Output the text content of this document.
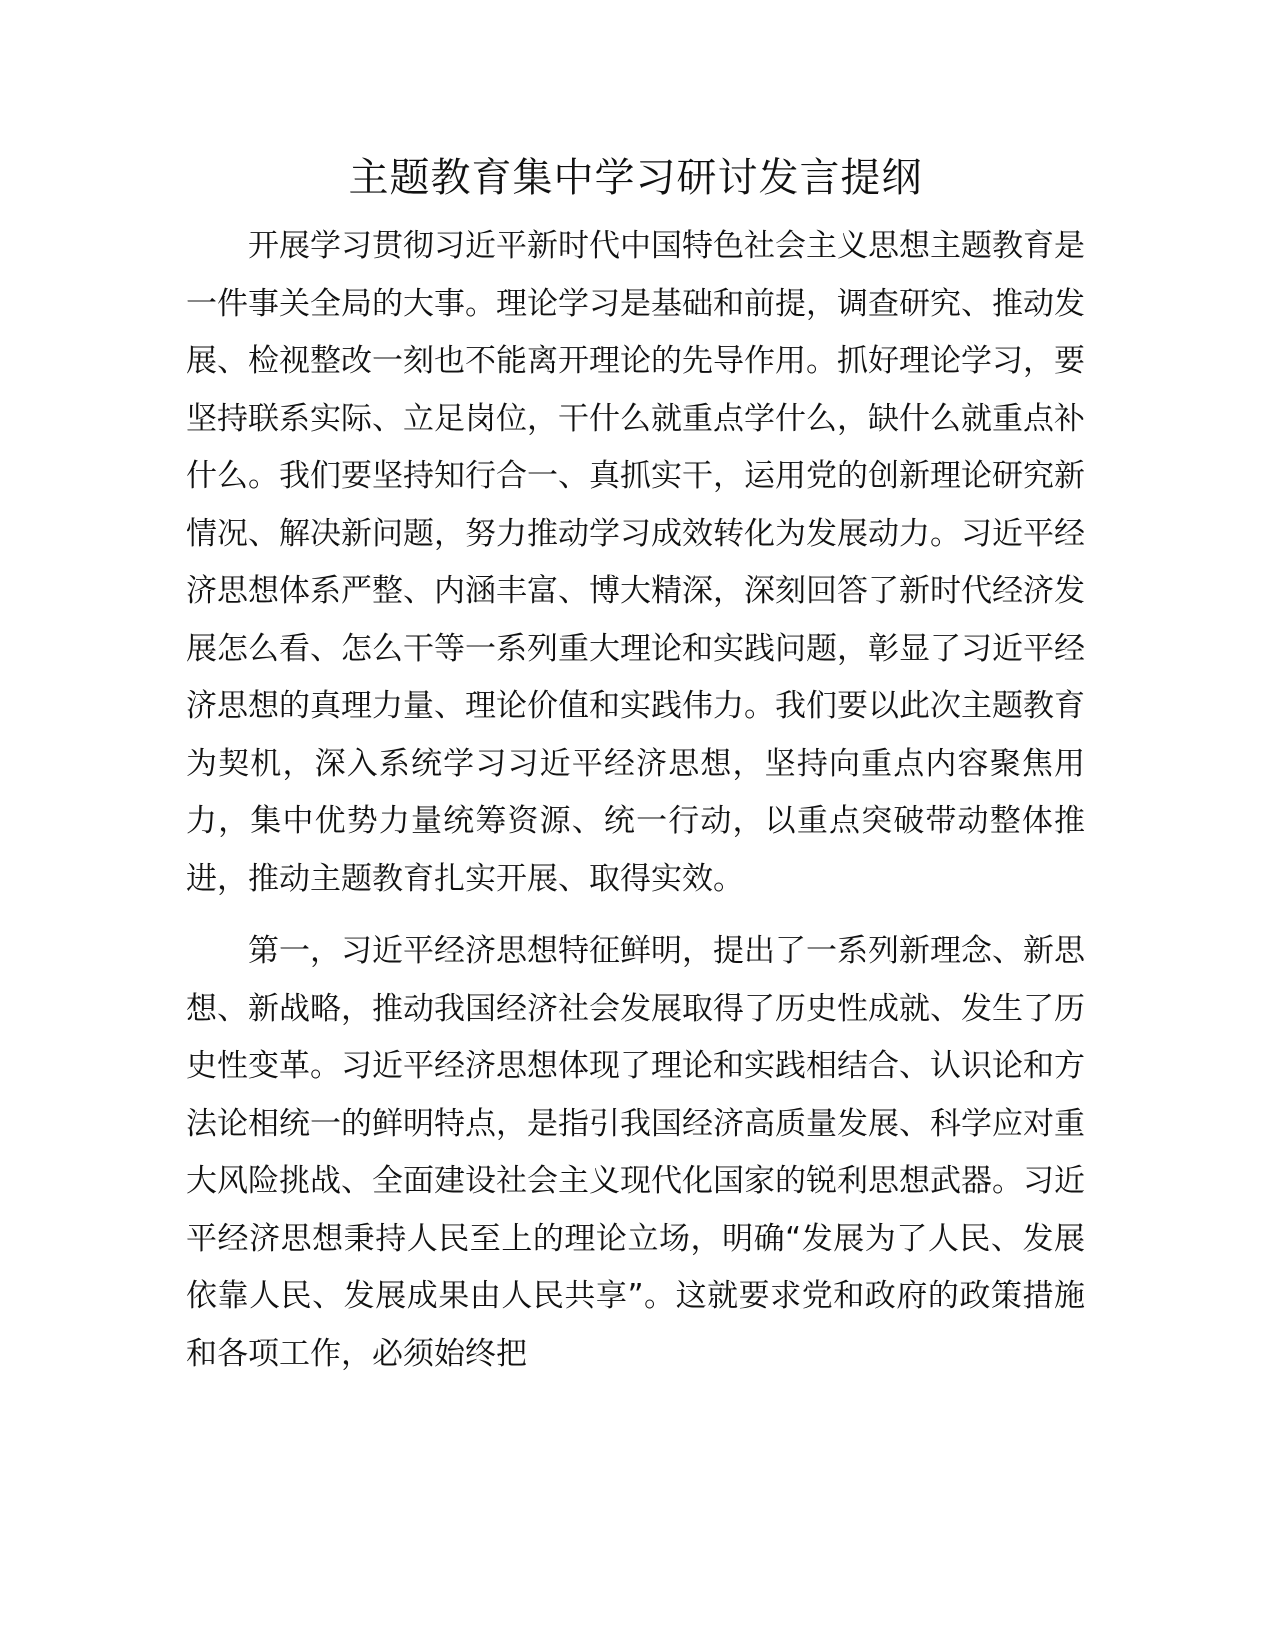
主题教育集中学习研讨发言提纲

开展学习贯彻习近平新时代中国特色社会主义思想主题教育是一件事关全局的大事。理论学习是基础和前提，调查研究、推动发展、检视整改一刻也不能离开理论的先导作用。抓好理论学习，要坚持联系实际、立足岗位，干什么就重点学什么，缺什么就重点补什么。我们要坚持知行合一、真抓实干，运用党的创新理论研究新情况、解决新问题，努力推动学习成效转化为发展动力。习近平经济思想体系严整、内涵丰富、博大精深，深刻回答了新时代经济发展怎么看、怎么干等一系列重大理论和实践问题，彰显了习近平经济思想的真理力量、理论价值和实践伟力。我们要以此次主题教育为契机，深入系统学习习近平经济思想，坚持向重点内容聚焦用力，集中优势力量统筹资源、统一行动，以重点突破带动整体推进，推动主题教育扎实开展、取得实效。

第一，习近平经济思想特征鲜明，提出了一系列新理念、新思想、新战略，推动我国经济社会发展取得了历史性成就、发生了历史性变革。习近平经济思想体现了理论和实践相结合、认识论和方法论相统一的鲜明特点，是指引我国经济高质量发展、科学应对重大风险挑战、全面建设社会主义现代化国家的锐利思想武器。习近平经济思想秉持人民至上的理论立场，明确“发展为了人民、发展依靠人民、发展成果由人民共享”。这就要求党和政府的政策措施和各项工作，必须始终把
